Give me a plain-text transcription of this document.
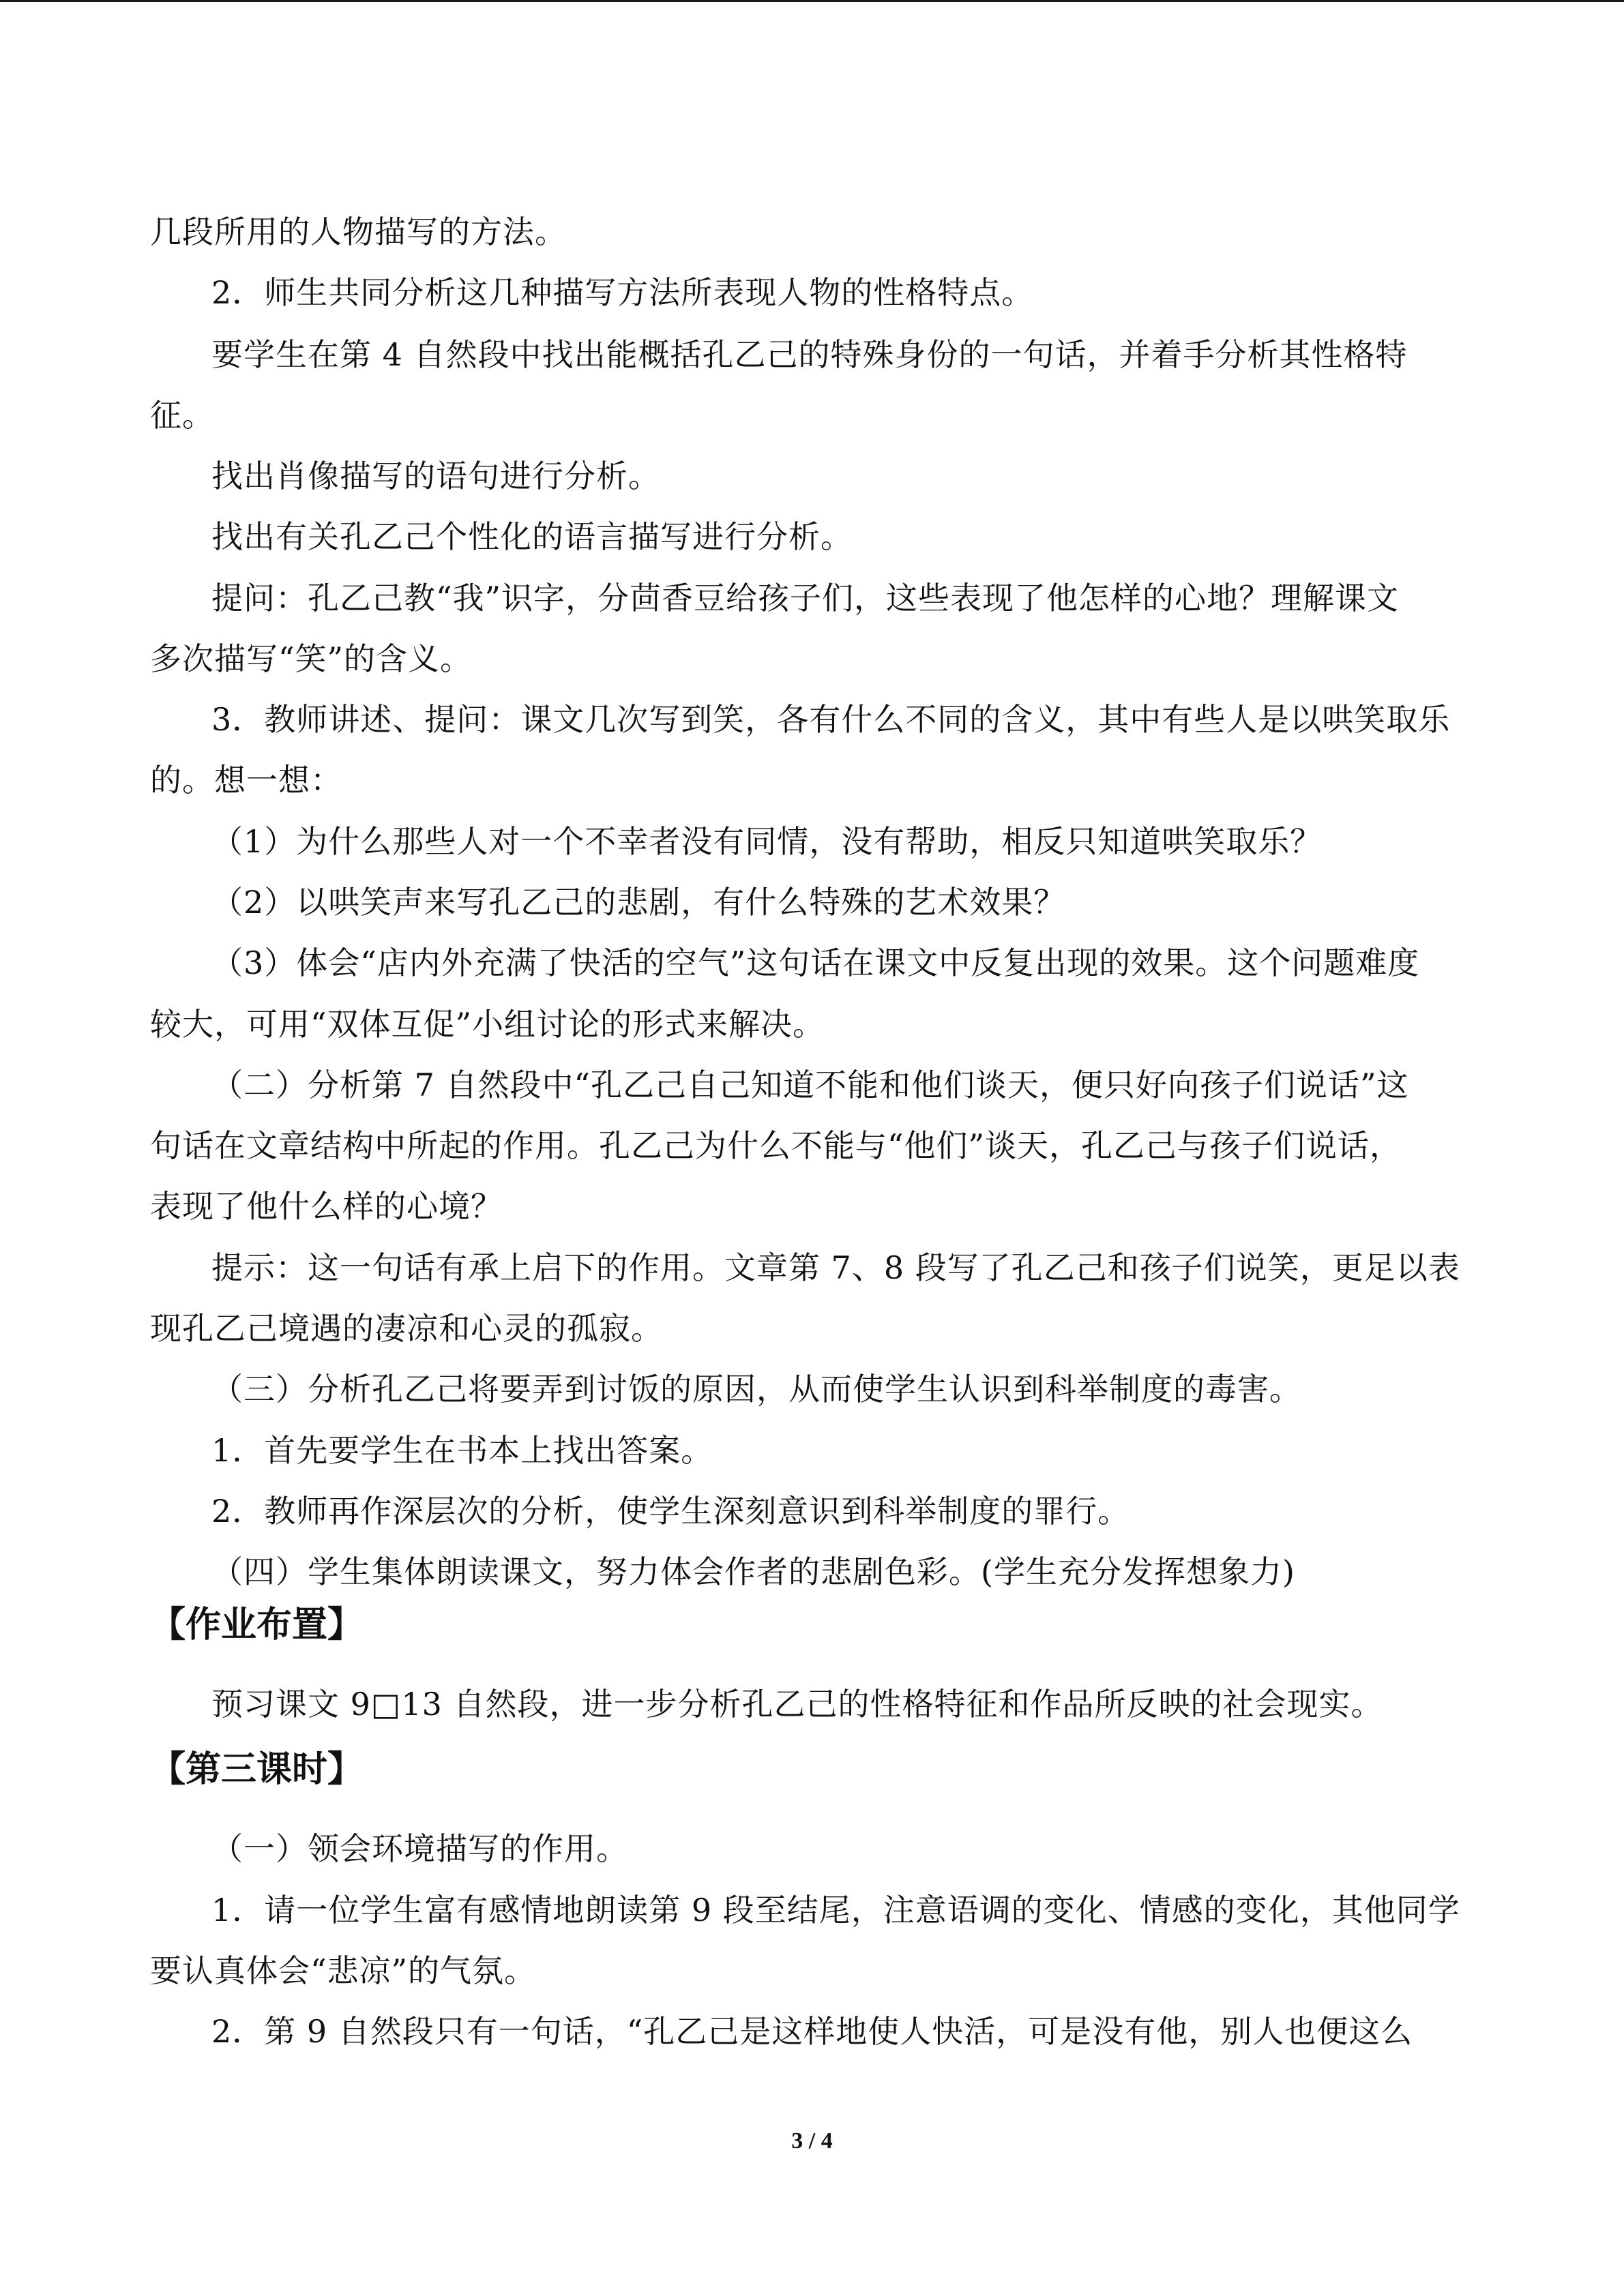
几段所用的人物描写的方法。
2．师生共同分析这几种描写方法所表现人物的性格特点。
要学生在第 4 自然段中找出能概括孔乙己的特殊身份的一句话，并着手分析其性格特
征。
找出肖像描写的语句进行分析。
找出有关孔乙己个性化的语言描写进行分析。
提问：孔乙己教“我”识字，分茴香豆给孩子们，这些表现了他怎样的心地？理解课文
多次描写“笑”的含义。
3．教师讲述、提问：课文几次写到笑，各有什么不同的含义，其中有些人是以哄笑取乐
的。想一想：
（1）为什么那些人对一个不幸者没有同情，没有帮助，相反只知道哄笑取乐？
（2）以哄笑声来写孔乙己的悲剧，有什么特殊的艺术效果？
（3）体会“店内外充满了快活的空气”这句话在课文中反复出现的效果。这个问题难度
较大，可用“双体互促”小组讨论的形式来解决。
（二）分析第 7 自然段中“孔乙己自己知道不能和他们谈天，便只好向孩子们说话”这
句话在文章结构中所起的作用。孔乙己为什么不能与“他们”谈天，孔乙己与孩子们说话，
表现了他什么样的心境？
提示：这一句话有承上启下的作用。文章第 7、8 段写了孔乙己和孩子们说笑，更足以表
现孔乙己境遇的凄凉和心灵的孤寂。
（三）分析孔乙己将要弄到讨饭的原因，从而使学生认识到科举制度的毒害。
1．首先要学生在书本上找出答案。
2．教师再作深层次的分析，使学生深刻意识到科举制度的罪行。
（四）学生集体朗读课文，努力体会作者的悲剧色彩。(学生充分发挥想象力)
【作业布置】
预习课文 9□13 自然段，进一步分析孔乙己的性格特征和作品所反映的社会现实。
【第三课时】
（一）领会环境描写的作用。
1．请一位学生富有感情地朗读第 9 段至结尾，注意语调的变化、情感的变化，其他同学
要认真体会“悲凉”的气氛。
2．第 9 自然段只有一句话，“孔乙己是这样地使人快活，可是没有他，别人也便这么
3 / 4
